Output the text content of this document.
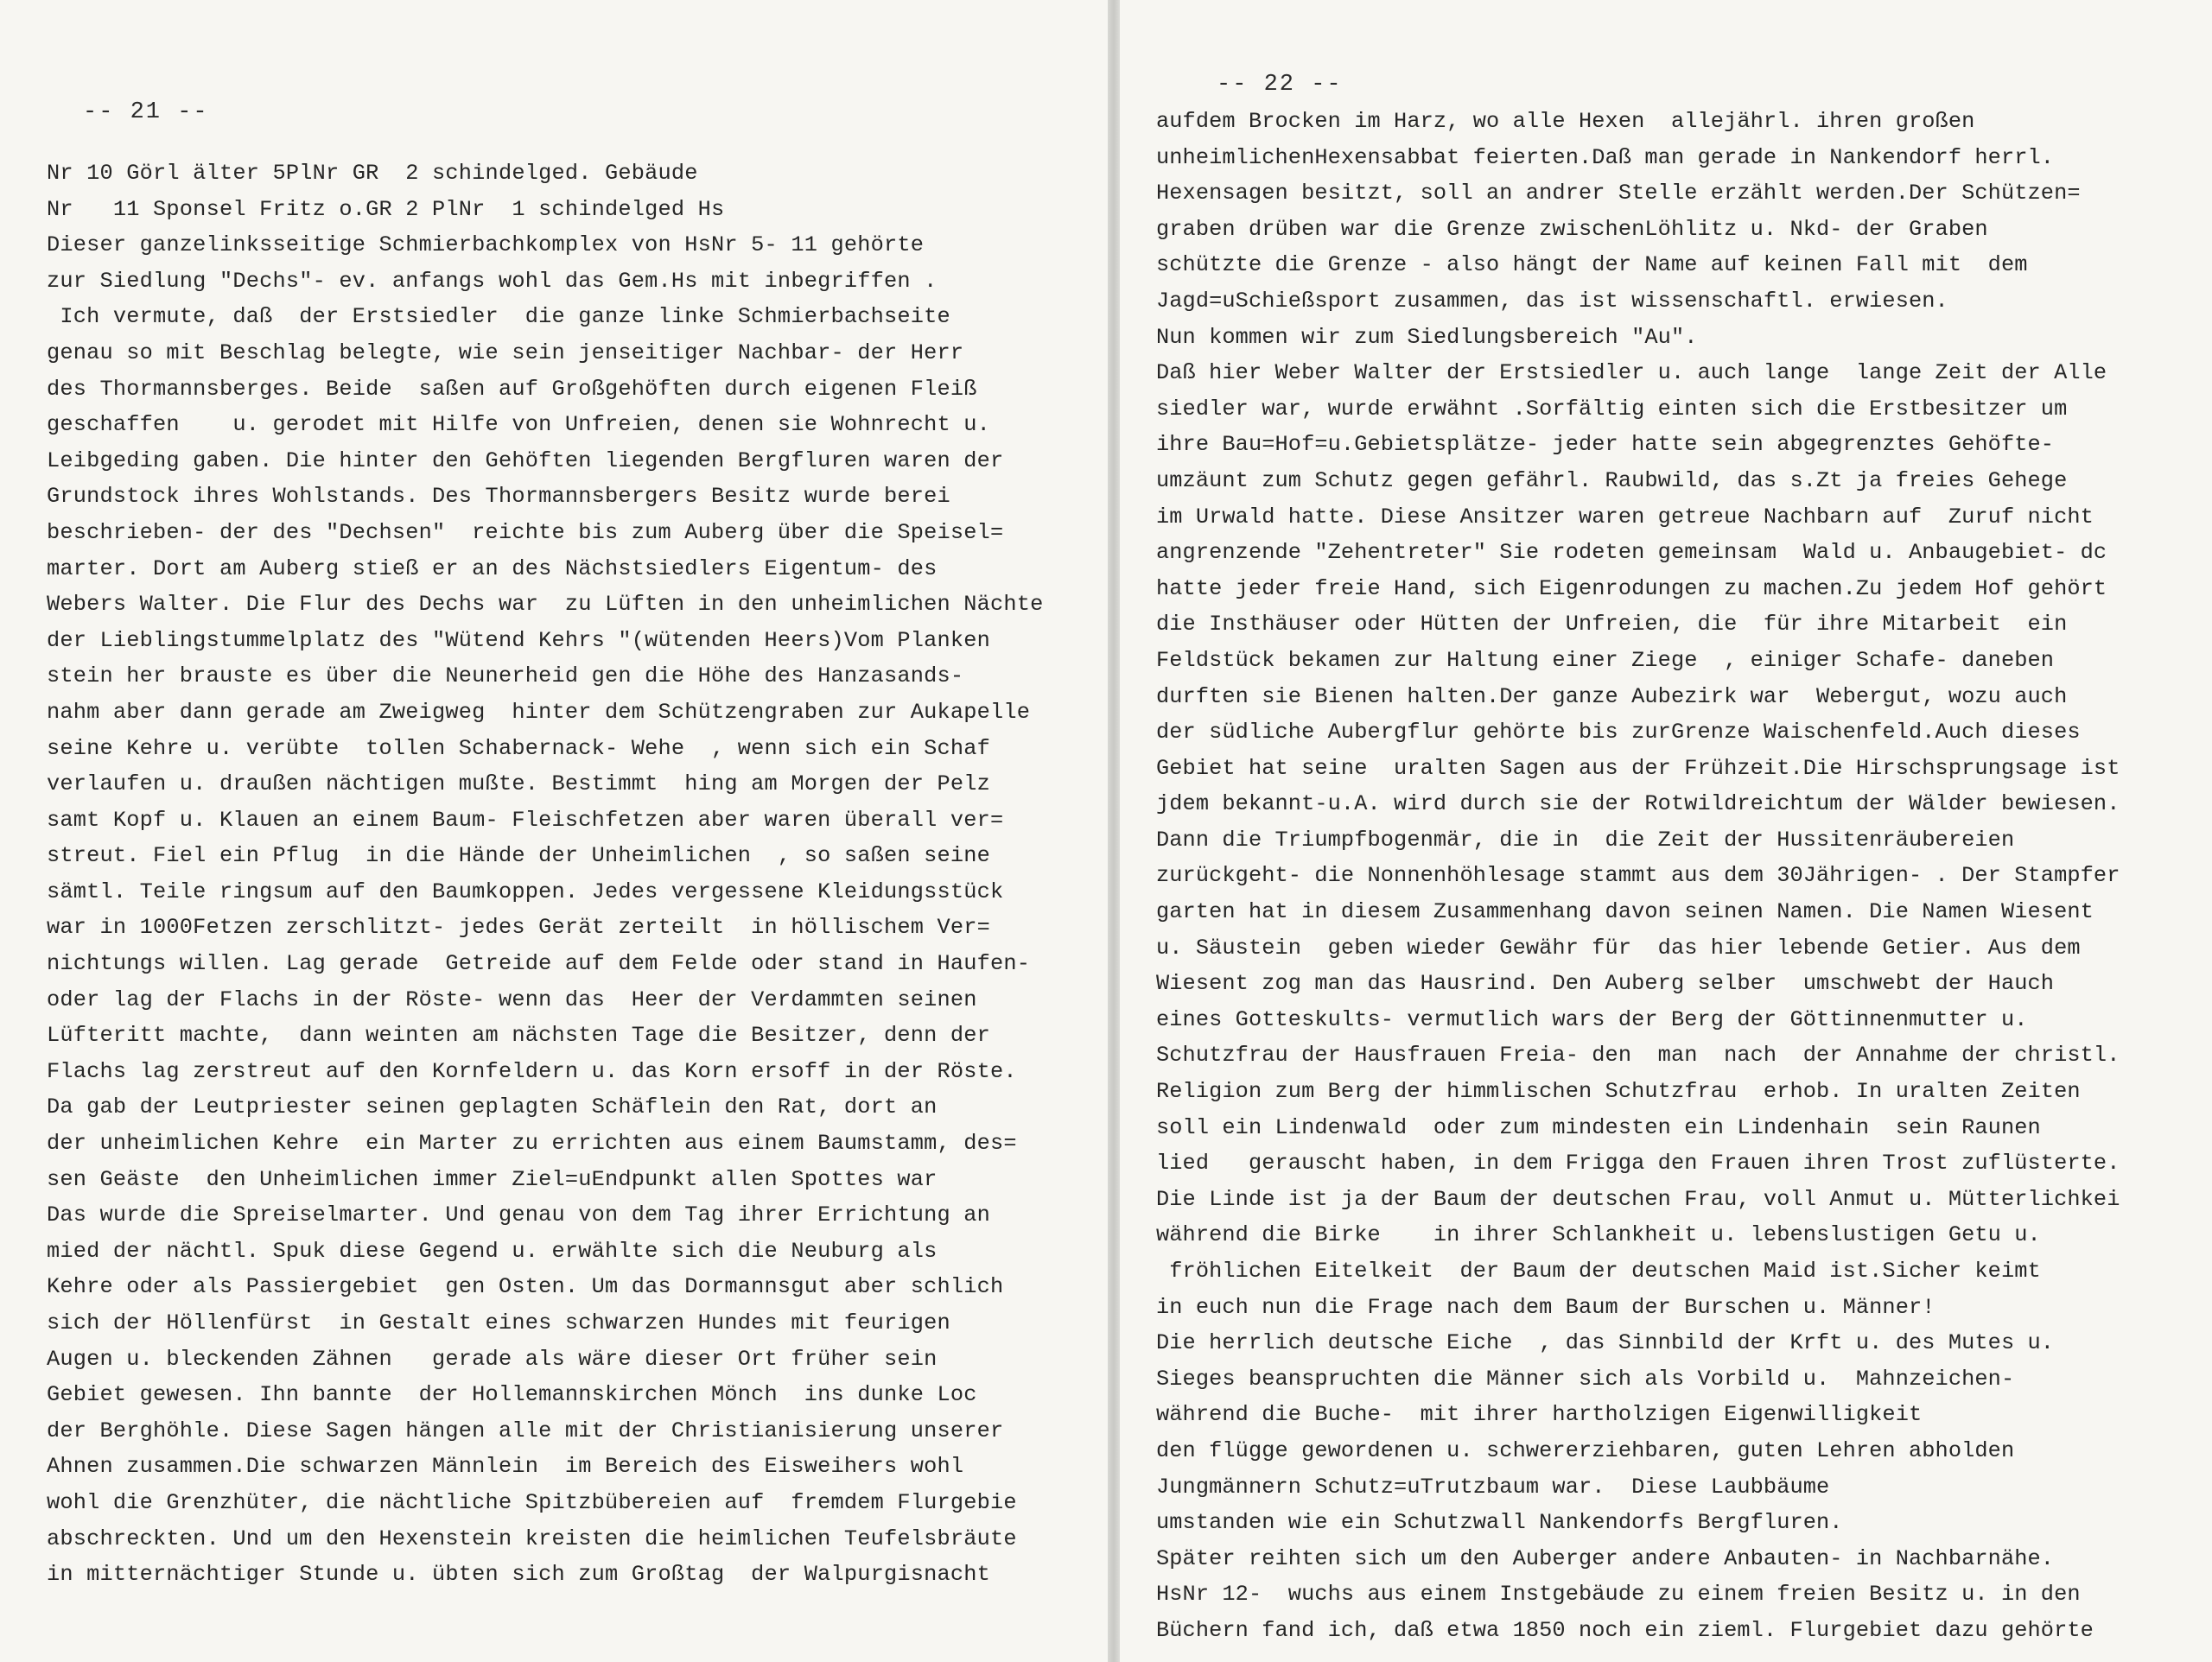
-- 21 --
Nr 10 Görl älter 5PlNr GR  2 schindelged. Gebäude
Nr   11 Sponsel Fritz o.GR 2 PlNr  1 schindelged Hs
Dieser ganzelinksseitige Schmierbachkomplex von HsNr 5- 11 gehörte
zur Siedlung "Dechs"- ev. anfangs wohl das Gem.Hs mit inbegriffen .
Ich vermute, daß  der Erstsiedler  die ganze linke Schmierbachseite
genau so mit Beschlag belegte, wie sein jenseitiger Nachbar- der Herr
des Thormannsberges. Beide  saßen auf Großgehöften durch eigenen Fleiß
geschaffen    u. gerodet mit Hilfe von Unfreien, denen sie Wohnrecht u.
Leibgeding gaben. Die hinter den Gehöften liegenden Bergfluren waren der
Grundstock ihres Wohlstands. Des Thormannsbergers Besitz wurde berei
beschrieben- der des "Dechsen"  reichte bis zum Auberg über die Speisel=
marter. Dort am Auberg stieß er an des Nächstsiedlers Eigentum- des
Webers Walter. Die Flur des Dechs war  zu Lüften in den unheimlichen Nächte
der Lieblingstummelplatz des "Wütend Kehrs "(wütenden Heers)Vom Planken
stein her brauste es über die Neunerheid gen die Höhe des Hanzasands-
nahm aber dann gerade am Zweigweg  hinter dem Schützengraben zur Aukapelle
seine Kehre u. verübte  tollen Schabernack- Wehe  , wenn sich ein Schaf
verlaufen u. draußen nächtigen mußte. Bestimmt  hing am Morgen der Pelz
samt Kopf u. Klauen an einem Baum- Fleischfetzen aber waren überall ver=
streut. Fiel ein Pflug  in die Hände der Unheimlichen  , so saßen seine
sämtl. Teile ringsum auf den Baumkoppen. Jedes vergessene Kleidungsstück
war in 1000Fetzen zerschlitzt- jedes Gerät zerteilt  in höllischem Ver=
nichtungs willen. Lag gerade  Getreide auf dem Felde oder stand in Haufen-
oder lag der Flachs in der Röste- wenn das  Heer der Verdammten seinen
Lüfteritt machte,  dann weinten am nächsten Tage die Besitzer, denn der
Flachs lag zerstreut auf den Kornfeldern u. das Korn ersoff in der Röste.
Da gab der Leutpriester seinen geplagten Schäflein den Rat, dort an
der unheimlichen Kehre  ein Marter zu errichten aus einem Baumstamm, des=
sen Geäste  den Unheimlichen immer Ziel=uEndpunkt allen Spottes war
Das wurde die Spreiselmarter. Und genau von dem Tag ihrer Errichtung an
mied der nächtl. Spuk diese Gegend u. erwählte sich die Neuburg als
Kehre oder als Passiergebiet  gen Osten. Um das Dormannsgut aber schlich
sich der Höllenfürst  in Gestalt eines schwarzen Hundes mit feurigen
Augen u. bleckenden Zähnen   gerade als wäre dieser Ort früher sein
Gebiet gewesen. Ihn bannte  der Hollemannskirchen Mönch  ins dunke Loc
der Berghöhle. Diese Sagen hängen alle mit der Christianisierung unserer
Ahnen zusammen.Die schwarzen Männlein  im Bereich des Eisweihers wohl
wohl die Grenzhüter, die nächtliche Spitzbübereien auf  fremdem Flurgebie
abschreckten. Und um den Hexenstein kreisten die heimlichen Teufelsbräute
in mitternächtiger Stunde u. übten sich zum Großtag  der Walpurgisnacht
-- 22 --
aufdem Brocken im Harz, wo alle Hexen  allejährl. ihren großen
unheimlichenHexensabbat feierten.Daß man gerade in Nankendorf herrl.
Hexensagen besitzt, soll an andrer Stelle erzählt werden.Der Schützen=
graben drüben war die Grenze zwischenLöhlitz u. Nkd- der Graben
schützte die Grenze - also hängt der Name auf keinen Fall mit  dem
Jagd=uSchießsport zusammen, das ist wissenschaftl. erwiesen.
Nun kommen wir zum Siedlungsbereich "Au".
Daß hier Weber Walter der Erstsiedler u. auch lange  lange Zeit der Alle
siedler war, wurde erwähnt .Sorfältig einten sich die Erstbesitzer um
ihre Bau=Hof=u.Gebietsplätze- jeder hatte sein abgegrenztes Gehöfte-
umzäunt zum Schutz gegen gefährl. Raubwild, das s.Zt ja freies Gehege
im Urwald hatte. Diese Ansitzer waren getreue Nachbarn auf  Zuruf nicht
angrenzende "Zehentreter" Sie rodeten gemeinsam  Wald u. Anbaugebiet- dc
hatte jeder freie Hand, sich Eigenrodungen zu machen.Zu jedem Hof gehört
die Insthäuser oder Hütten der Unfreien, die  für ihre Mitarbeit  ein
Feldstück bekamen zur Haltung einer Ziege  , einiger Schafe- daneben
durften sie Bienen halten.Der ganze Aubezirk war  Webergut, wozu auch
der südliche Aubergflur gehörte bis zurGrenze Waischenfeld.Auch dieses
Gebiet hat seine  uralten Sagen aus der Frühzeit.Die Hirschsprungsage ist
jdem bekannt-u.A. wird durch sie der Rotwildreichtum der Wälder bewiesen.
Dann die Triumpfbogenmär, die in  die Zeit der Hussitenräubereien
zurückgeht- die Nonnenhöhlesage stammt aus dem 30Jährigen- . Der Stampfer
garten hat in diesem Zusammenhang davon seinen Namen. Die Namen Wiesent
u. Säustein  geben wieder Gewähr für  das hier lebende Getier. Aus dem
Wiesent zog man das Hausrind. Den Auberg selber  umschwebt der Hauch
eines Gotteskults- vermutlich wars der Berg der Göttinnenmutter u.
Schutzfrau der Hausfrauen Freia- den  man  nach  der Annahme der christl.
Religion zum Berg der himmlischen Schutzfrau  erhob. In uralten Zeiten
soll ein Lindenwald  oder zum mindesten ein Lindenhain  sein Raunen
lied   gerauscht haben, in dem Frigga den Frauen ihren Trost zuflüsterte.
Die Linde ist ja der Baum der deutschen Frau, voll Anmut u. Mütterlichkei
während die Birke    in ihrer Schlankheit u. lebenslustigen Getu u.
fröhlichen Eitelkeit  der Baum der deutschen Maid ist.Sicher keimt
in euch nun die Frage nach dem Baum der Burschen u. Männer!
Die herrlich deutsche Eiche  , das Sinnbild der Krft u. des Mutes u.
Sieges beanspruchten die Männer sich als Vorbild u.  Mahnzeichen-
während die Buche-  mit ihrer hartholzigen Eigenwilligkeit
den flügge gewordenen u. schwererziehbaren, guten Lehren abholden
Jungmännern Schutz=uTrutzbaum war.  Diese Laubbäume
umstanden wie ein Schutzwall Nankendorfs Bergfluren.
Später reihten sich um den Auberger andere Anbauten- in Nachbarnähe.
HsNr 12-  wuchs aus einem Instgebäude zu einem freien Besitz u. in den
Büchern fand ich, daß etwa 1850 noch ein zieml. Flurgebiet dazu gehörte
